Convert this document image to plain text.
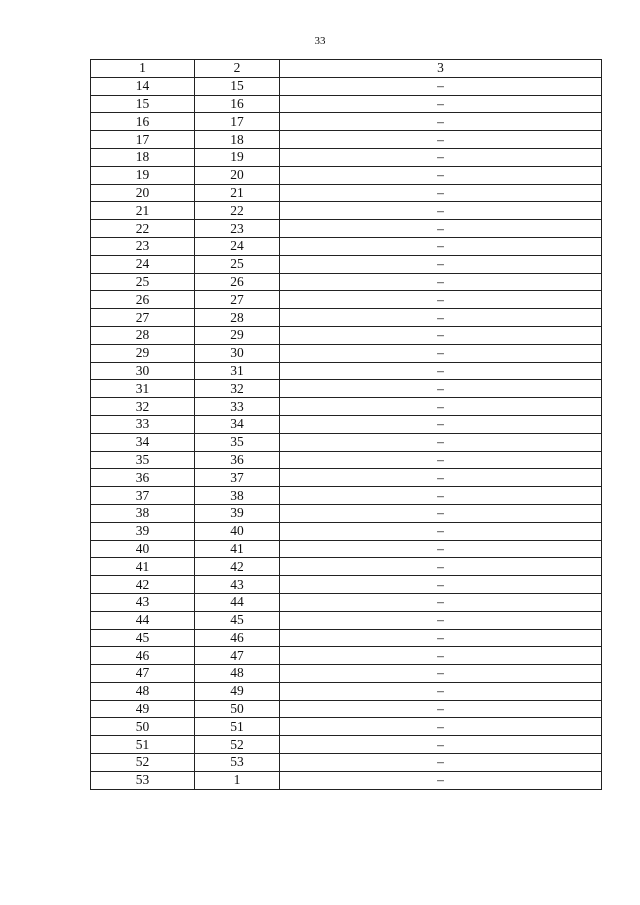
33
1	2	3
14	15	–
15	16	–
16	17	–
17	18	–
18	19	–
19	20	–
20	21	–
21	22	–
22	23	–
23	24	–
24	25	–
25	26	–
26	27	–
27	28	–
28	29	–
29	30	–
30	31	–
31	32	–
32	33	–
33	34	–
34	35	–
35	36	–
36	37	–
37	38	–
38	39	–
39	40	–
40	41	–
41	42	–
42	43	–
43	44	–
44	45	–
45	46	–
46	47	–
47	48	–
48	49	–
49	50	–
50	51	–
51	52	–
52	53	–
53	1	–
